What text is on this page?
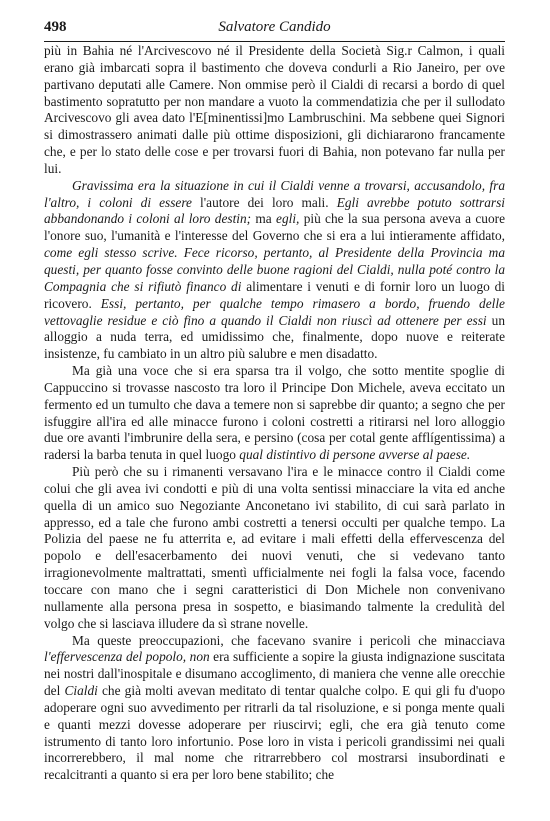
498	Salvatore Candido

più in Bahia né l'Arcivescovo né il Presidente della Società Sig.r Calmon, i quali erano già imbarcati sopra il bastimento che doveva condurli a Rio Janeiro, per ove partivano deputati alle Camere. Non ommise però il Cialdi di recarsi a bordo di quel bastimento sopratutto per non mandare a vuoto la commendatizia che per il sullodato Arcivescovo gli avea dato l'E[minentissi]mo Lambruschini. Ma sebbene quei Signori si dimostrassero animati dalle più ottime disposizioni, gli dichiararono francamente che, e per lo stato delle cose e per trovarsi fuori di Bahia, non potevano far nulla per lui.

Gravissima era la situazione in cui il Cialdi venne a trovarsi, accusandolo, fra l'altro, i coloni di essere l'autore dei loro mali. Egli avrebbe potuto sottrarsi abbandonando i coloni al loro destin; ma egli, più che la sua persona aveva a cuore l'onore suo, l'umanità e l'interesse del Governo che si era a lui intieramente affidato, come egli stesso scrive. Fece ricorso, pertanto, al Presidente della Provincia ma questi, per quanto fosse convinto delle buone ragioni del Cialdi, nulla poté contro la Compagnia che si rifiutò financo di alimentare i venuti e di fornir loro un luogo di ricovero. Essi, pertanto, per qualche tempo rimasero a bordo, fruendo delle vettovaglie residue e ciò fino a quando il Cialdi non riuscì ad ottenere per essi un alloggio a nuda terra, ed umidissimo che, finalmente, dopo nuove e reiterate insistenze, fu cambiato in un altro più salubre e men disadatto.

Ma già una voce che si era sparsa tra il volgo, che sotto mentite spoglie di Cappuccino si trovasse nascosto tra loro il Principe Don Michele, aveva eccitato un fermento ed un tumulto che dava a temere non si saprebbe dir quanto; a segno che per isfuggire all'ira ed alle minacce furono i coloni costretti a ritirarsi nel loro alloggio due ore avanti l'imbrunire della sera, e persino (cosa per cotal gente afflígentissima) a radersi la barba tenuta in quel luogo qual distintivo di persone avverse al paese.

Più però che su i rimanenti versavano l'ira e le minacce contro il Cialdi come colui che gli avea ivi condotti e più di una volta sentissi minacciare la vita ed anche quella di un amico suo Negoziante Anconetano ivi stabilito, di cui sarà parlato in appresso, ed a tale che furono ambi costretti a tenersi occulti per qualche tempo. La Polizia del paese ne fu atterrita e, ad evitare i mali effetti della effervescenza del popolo e dell'esacerbamento dei nuovi venuti, che si vedevano tanto irragionevolmente maltrattati, smentì ufficialmente nei fogli la falsa voce, facendo toccare con mano che i segni caratteristici di Don Michele non convenivano nullamente alla persona presa in sospetto, e biasimando talmente la credulità del volgo che si lasciava illudere da sì strane novelle.

Ma queste preoccupazioni, che facevano svanire i pericoli che minacciava l'effervescenza del popolo, non era sufficiente a sopire la giusta indignazione suscitata nei nostri dall'inospitale e disumano accoglimento, di maniera che venne alle orecchie del Cialdi che già molti avevan meditato di tentar qualche colpo. E qui gli fu d'uopo adoperare ogni suo avvedimento per ritrarli da tal risoluzione, e si ponga mente quali e quanti mezzi dovesse adoperare per riuscirvi; egli, che era già tenuto come istrumento di tanto loro infortunio. Pose loro in vista i pericoli grandissimi nei quali incorrerebbero, il mal nome che ritrarrebbero col mostrarsi insubordinati e recalcitranti a quanto si era per loro bene stabilito; che
